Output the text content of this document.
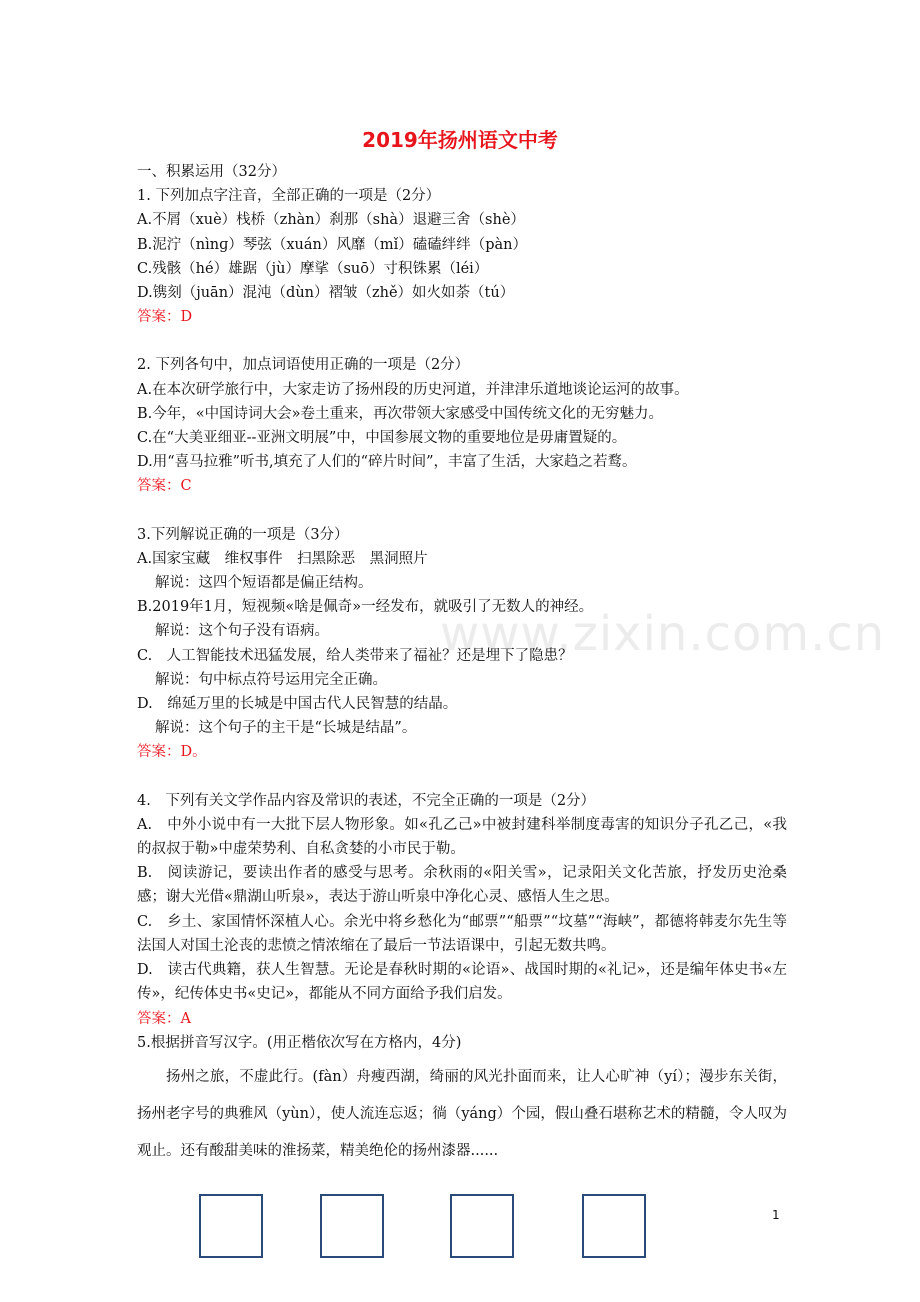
www.zixin.com.cn
2019年扬州语文中考
一、积累运用（32分）
1. 下列加点字注音，全部正确的一项是（2分）
A.不屑（xuè）栈桥（zhàn）刹那（shà）退避三舍（shè）
B.泥泞（nìnɡ）琴弦（xuán）风靡（mǐ）磕磕绊绊（pàn）
C.残骸（hé）雄踞（jù）摩挲（suō）寸积铢累（léi）
D.镌刻（juān）混沌（dùn）褶皱（zhě）如火如荼（tú）
答案：D
2. 下列各句中，加点词语使用正确的一项是（2分）
A.在本次研学旅行中，大家走访了扬州段的历史河道，并津津乐道地谈论运河的故事。
B.今年，«中国诗词大会»卷土重来，再次带领大家感受中国传统文化的无穷魅力。
C.在“大美亚细亚--亚洲文明展”中，中国参展文物的重要地位是毋庸置疑的。
D.用“喜马拉雅”听书,填充了人们的“碎片时间”，丰富了生活，大家趋之若鹜。
答案：C
3.下列解说正确的一项是（3分）
A.国家宝藏　维权事件　扫黑除恶　黑洞照片
解说：这四个短语都是偏正结构。
B.2019年1月，短视频«啥是佩奇»一经发布，就吸引了无数人的神经。
解说：这个句子没有语病。
C.　人工智能技术迅猛发展，给人类带来了福祉？还是埋下了隐患？
解说：句中标点符号运用完全正确。
D.　绵延万里的长城是中国古代人民智慧的结晶。
解说：这个句子的主干是“长城是结晶”。
答案：D。
4.　下列有关文学作品内容及常识的表述，不完全正确的一项是（2分）
A.　中外小说中有一大批下层人物形象。如«孔乙己»中被封建科举制度毒害的知识分子孔乙己，«我的叔叔于勒»中虚荣势利、自私贪婪的小市民于勒。
B.　阅读游记，要读出作者的感受与思考。余秋雨的«阳关雪»，记录阳关文化苦旅，抒发历史沧桑感；谢大光借«鼎湖山听泉»，表达于游山听泉中净化心灵、感悟人生之思。
C.　乡土、家国情怀深植人心。余光中将乡愁化为“邮票”“船票”“坟墓”“海峡”，都德将韩麦尔先生等法国人对国土沦丧的悲愤之情浓缩在了最后一节法语课中，引起无数共鸣。
D.　读古代典籍，获人生智慧。无论是春秋时期的«论语»、战国时期的«礼记»，还是编年体史书«左传»，纪传体史书«史记»，都能从不同方面给予我们启发。
答案：A
5.根据拼音写汉字。(用正楷依次写在方格内，4分)
扬州之旅，不虚此行。(fàn）舟瘦西湖，绮丽的风光扑面而来，让人心旷神（yí）；漫步东关街，扬州老字号的典雅风（yùn），使人流连忘返；徜（yáng）个园，假山叠石堪称艺术的精髓，令人叹为观止。还有酸甜美味的淮扬菜，精美绝伦的扬州漆器......
1
